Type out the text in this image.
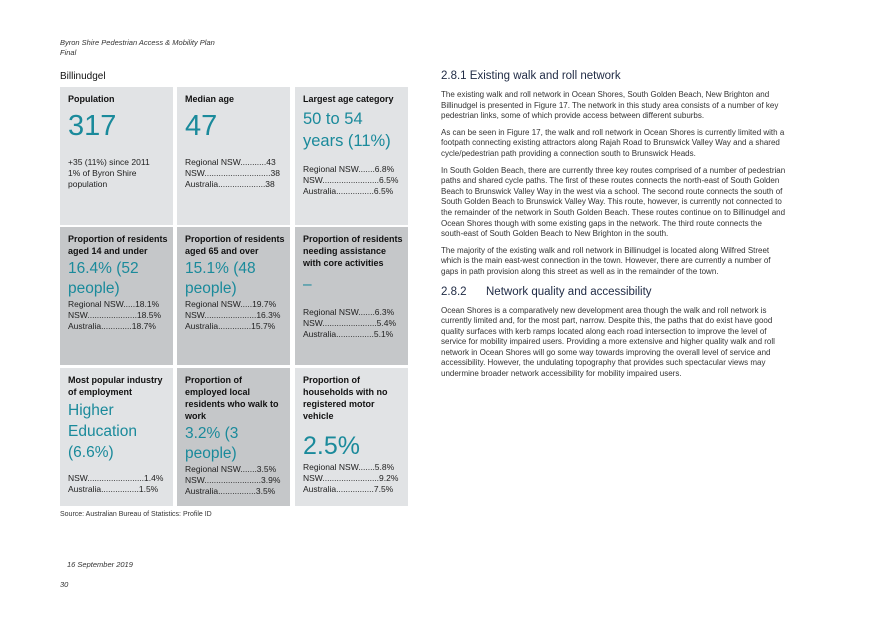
Byron Shire Pedestrian Access & Mobility Plan
Final
Billinudgel
Population
317
+35 (11%) since 2011
1% of Byron Shire population
Median age
47
Regional NSW...........43
NSW............................38
Australia....................38
Largest age category
50 to 54 years (11%)
Regional NSW.......6.8%
NSW........................6.5%
Australia................6.5%
Proportion of residents aged 14 and under
16.4% (52 people)
Regional NSW.....18.1%
NSW.....................18.5%
Australia.............18.7%
Proportion of residents aged 65 and over
15.1% (48 people)
Regional NSW.....19.7%
NSW......................16.3%
Australia..............15.7%
Proportion of residents needing assistance with core activities
–
Regional NSW.......6.3%
NSW.......................5.4%
Australia................5.1%
Most popular industry of employment
Higher Education (6.6%)
NSW........................1.4%
Australia................1.5%
Proportion of employed local residents who walk to work
3.2% (3 people)
Regional NSW.......3.5%
NSW........................3.9%
Australia................3.5%
Proportion of households with no registered motor vehicle
2.5%
Regional NSW.......5.8%
NSW........................9.2%
Australia................7.5%
Source: Australian Bureau of Statistics: Profile ID
16 September 2019
30
2.8.1 Existing walk and roll network

The existing walk and roll network in Ocean Shores, South Golden Beach, New Brighton and Billinudgel is presented in Figure 17. The network in this study area consists of a number of key pedestrian links, some of which provide access between different suburbs.

As can be seen in Figure 17, the walk and roll network in Ocean Shores is currently limited with a footpath connecting existing attractors along Rajah Road to Brunswick Valley Way and a shared cycle/pedestrian path providing a connection south to Brunswick Heads.

In South Golden Beach, there are currently three key routes comprised of a number of pedestrian paths and shared cycle paths. The first of these routes connects the north-east of South Golden Beach to Brunswick Valley Way in the west via a school. The second route connects the south of South Golden Beach to Brunswick Valley Way. This route, however, is currently not connected to the remainder of the network in South Golden Beach. These routes continue on to Billinudgel and Ocean Shores though with some existing gaps in the network. The third route connects the south-east of South Golden Beach to New Brighton in the south.

The majority of the existing walk and roll network in Billinudgel is located along Wilfred Street which is the main east-west connection in the town. However, there are currently a number of gaps in path provision along this street as well as in the remainder of the town.

2.8.2 Network quality and accessibility

Ocean Shores is a comparatively new development area though the walk and roll network is currently limited and, for the most part, narrow. Despite this, the paths that do exist have good quality surfaces with kerb ramps located along each road intersection to improve the level of service for mobility impaired users. Providing a more extensive and higher quality walk and roll network in Ocean Shores will go some way towards improving the overall level of service and accessibility. However, the undulating topography that provides such spectacular views may undermine broader network accessibility for mobility impaired users.
